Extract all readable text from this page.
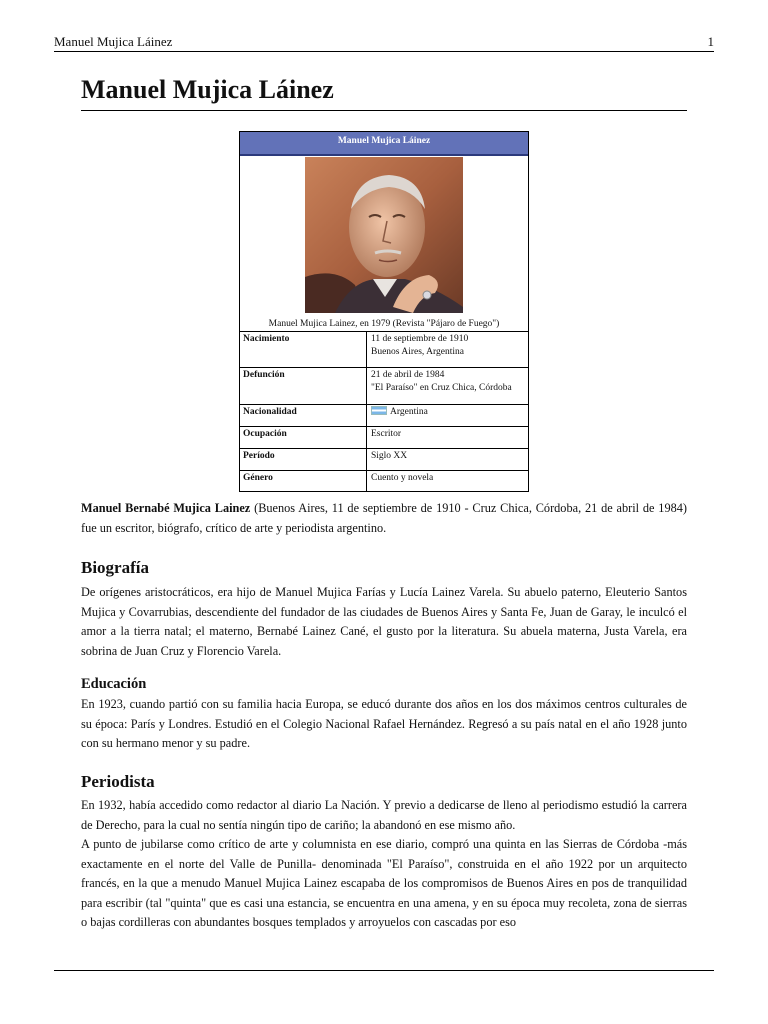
Manuel Mujica Láinez	1
Manuel Mujica Láinez
Manuel Mujica Láinez
Manuel Mujica Lainez, en 1979 (Revista "Pájaro de Fuego")
Nacimiento	11 de septiembre de 1910
Buenos Aires, Argentina
Defunción	21 de abril de 1984
"El Paraíso" en Cruz Chica, Córdoba
Nacionalidad	Argentina
Ocupación	Escritor
Período	Siglo XX
Género	Cuento y novela

Manuel Bernabé Mujica Lainez (Buenos Aires, 11 de septiembre de 1910 - Cruz Chica, Córdoba, 21 de abril de 1984) fue un escritor, biógrafo, crítico de arte y periodista argentino.

Biografía

De orígenes aristocráticos, era hijo de Manuel Mujica Farías y Lucía Lainez Varela. Su abuelo paterno, Eleuterio Santos Mujica y Covarrubias, descendiente del fundador de las ciudades de Buenos Aires y Santa Fe, Juan de Garay, le inculcó el amor a la tierra natal; el materno, Bernabé Lainez Cané, el gusto por la literatura. Su abuela materna, Justa Varela, era sobrina de Juan Cruz y Florencio Varela.

Educación

En 1923, cuando partió con su familia hacia Europa, se educó durante dos años en los dos máximos centros culturales de su época: París y Londres. Estudió en el Colegio Nacional Rafael Hernández. Regresó a su país natal en el año 1928 junto con su hermano menor y su padre.

Periodista

En 1932, había accedido como redactor al diario La Nación. Y previo a dedicarse de lleno al periodismo estudió la carrera de Derecho, para la cual no sentía ningún tipo de cariño; la abandonó en ese mismo año.

A punto de jubilarse como crítico de arte y columnista en ese diario, compró una quinta en las Sierras de Córdoba -más exactamente en el norte del Valle de Punilla- denominada "El Paraíso", construida en el año 1922 por un arquitecto francés, en la que a menudo Manuel Mujica Lainez escapaba de los compromisos de Buenos Aires en pos de tranquilidad para escribir (tal "quinta" que es casi una estancia, se encuentra en una amena, y en su época muy recoleta, zona de sierras o bajas cordilleras con abundantes bosques templados y arroyuelos con cascadas por eso
